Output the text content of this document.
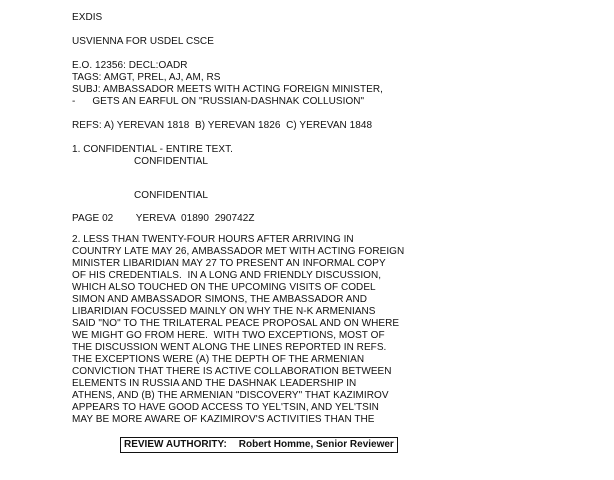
EXDIS

USVIENNA FOR USDEL CSCE

E.O. 12356: DECL:OADR

TAGS: AMGT, PREL, AJ, AM, RS

SUBJ: AMBASSADOR MEETS WITH ACTING FOREIGN MINISTER,

-      GETS AN EARFUL ON "RUSSIAN-DASHNAK COLLUSION"

REFS: A) YEREVAN 1818  B) YEREVAN 1826  C) YEREVAN 1848

1. CONFIDENTIAL - ENTIRE TEXT.

CONFIDENTIAL

CONFIDENTIAL

PAGE 02        YEREVA  01890  290742Z

2. LESS THAN TWENTY-FOUR HOURS AFTER ARRIVING IN

COUNTRY LATE MAY 26, AMBASSADOR MET WITH ACTING FOREIGN

MINISTER LIBARIDIAN MAY 27 TO PRESENT AN INFORMAL COPY

OF HIS CREDENTIALS.  IN A LONG AND FRIENDLY DISCUSSION,

WHICH ALSO TOUCHED ON THE UPCOMING VISITS OF CODEL

SIMON AND AMBASSADOR SIMONS, THE AMBASSADOR AND

LIBARIDIAN FOCUSSED MAINLY ON WHY THE N-K ARMENIANS

SAID "NO" TO THE TRILATERAL PEACE PROPOSAL AND ON WHERE

WE MIGHT GO FROM HERE.  WITH TWO EXCEPTIONS, MOST OF

THE DISCUSSION WENT ALONG THE LINES REPORTED IN REFS.

THE EXCEPTIONS WERE (A) THE DEPTH OF THE ARMENIAN

CONVICTION THAT THERE IS ACTIVE COLLABORATION BETWEEN

ELEMENTS IN RUSSIA AND THE DASHNAK LEADERSHIP IN

ATHENS, AND (B) THE ARMENIAN "DISCOVERY" THAT KAZIMIROV

APPEARS TO HAVE GOOD ACCESS TO YEL'TSIN, AND YEL'TSIN

MAY BE MORE AWARE OF KAZIMIROV'S ACTIVITIES THAN THE

REVIEW AUTHORITY: Robert Homme, Senior Reviewer
